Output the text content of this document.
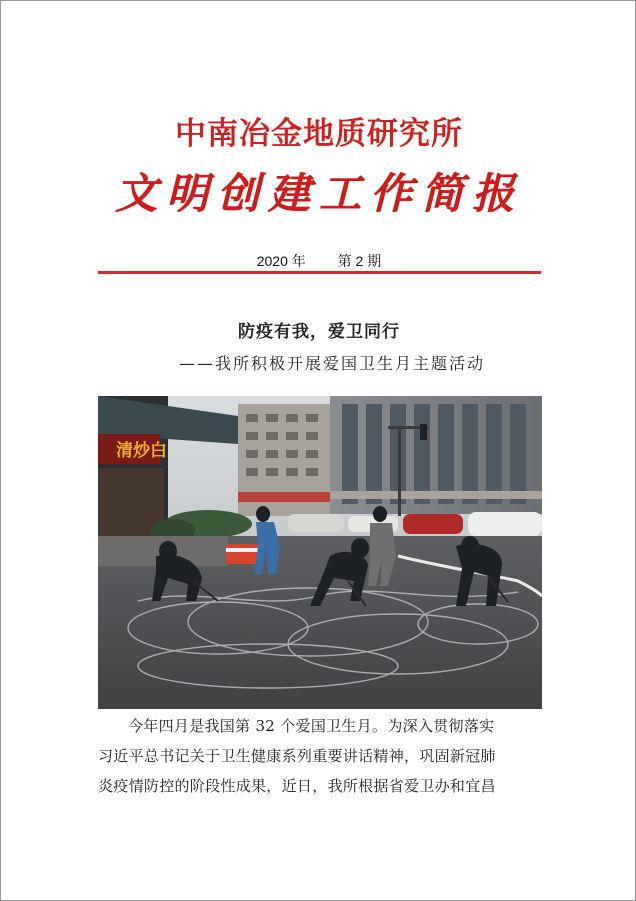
中南冶金地质研究所
文明创建工作简报
2020 年 第 2 期
防疫有我，爱卫同行
——我所积极开展爱国卫生月主题活动
清炒白

今年四月是我国第 32 个爱国卫生月。为深入贯彻落实

习近平总书记关于卫生健康系列重要讲话精神，巩固新冠肺

炎疫情防控的阶段性成果，近日，我所根据省爱卫办和宜昌
